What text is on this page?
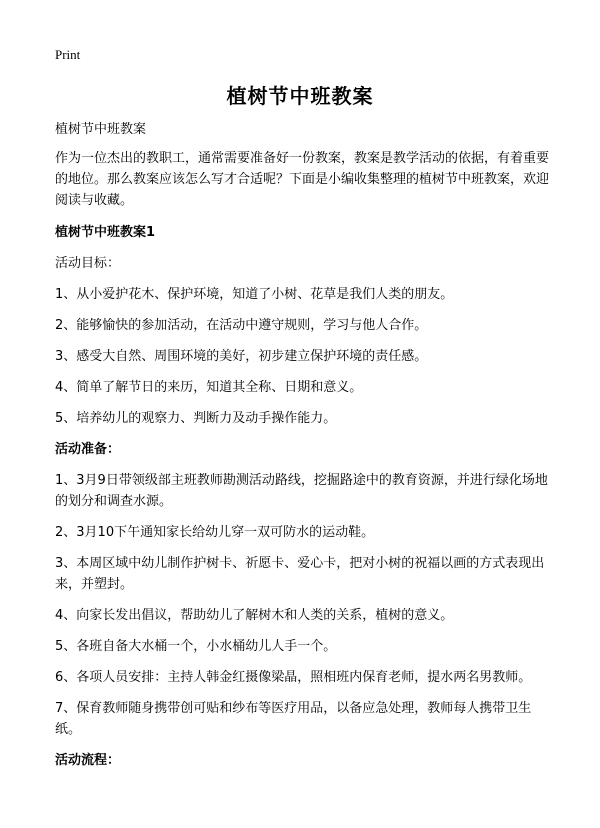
Print
植树节中班教案

植树节中班教案

作为一位杰出的教职工，通常需要准备好一份教案，教案是教学活动的依据，有着重要的地位。那么教案应该怎么写才合适呢？下面是小编收集整理的植树节中班教案，欢迎阅读与收藏。

植树节中班教案1

活动目标：

1、从小爱护花木、保护环境，知道了小树、花草是我们人类的朋友。

2、能够愉快的参加活动，在活动中遵守规则，学习与他人合作。

3、感受大自然、周围环境的美好，初步建立保护环境的责任感。

4、简单了解节日的来历，知道其全称、日期和意义。

5、培养幼儿的观察力、判断力及动手操作能力。

活动准备：

1、3月9日带领级部主班教师勘测活动路线，挖掘路途中的教育资源，并进行绿化场地的划分和调查水源。

2、3月10下午通知家长给幼儿穿一双可防水的运动鞋。

3、本周区域中幼儿制作护树卡、祈愿卡、爱心卡，把对小树的祝福以画的方式表现出来，并塑封。

4、向家长发出倡议，帮助幼儿了解树木和人类的关系，植树的意义。

5、各班自备大水桶一个，小水桶幼儿人手一个。

6、各项人员安排：主持人韩金红摄像梁晶，照相班内保育老师，提水两名男教师。

7、保育教师随身携带创可贴和纱布等医疗用品，以备应急处理，教师每人携带卫生纸。

活动流程：
